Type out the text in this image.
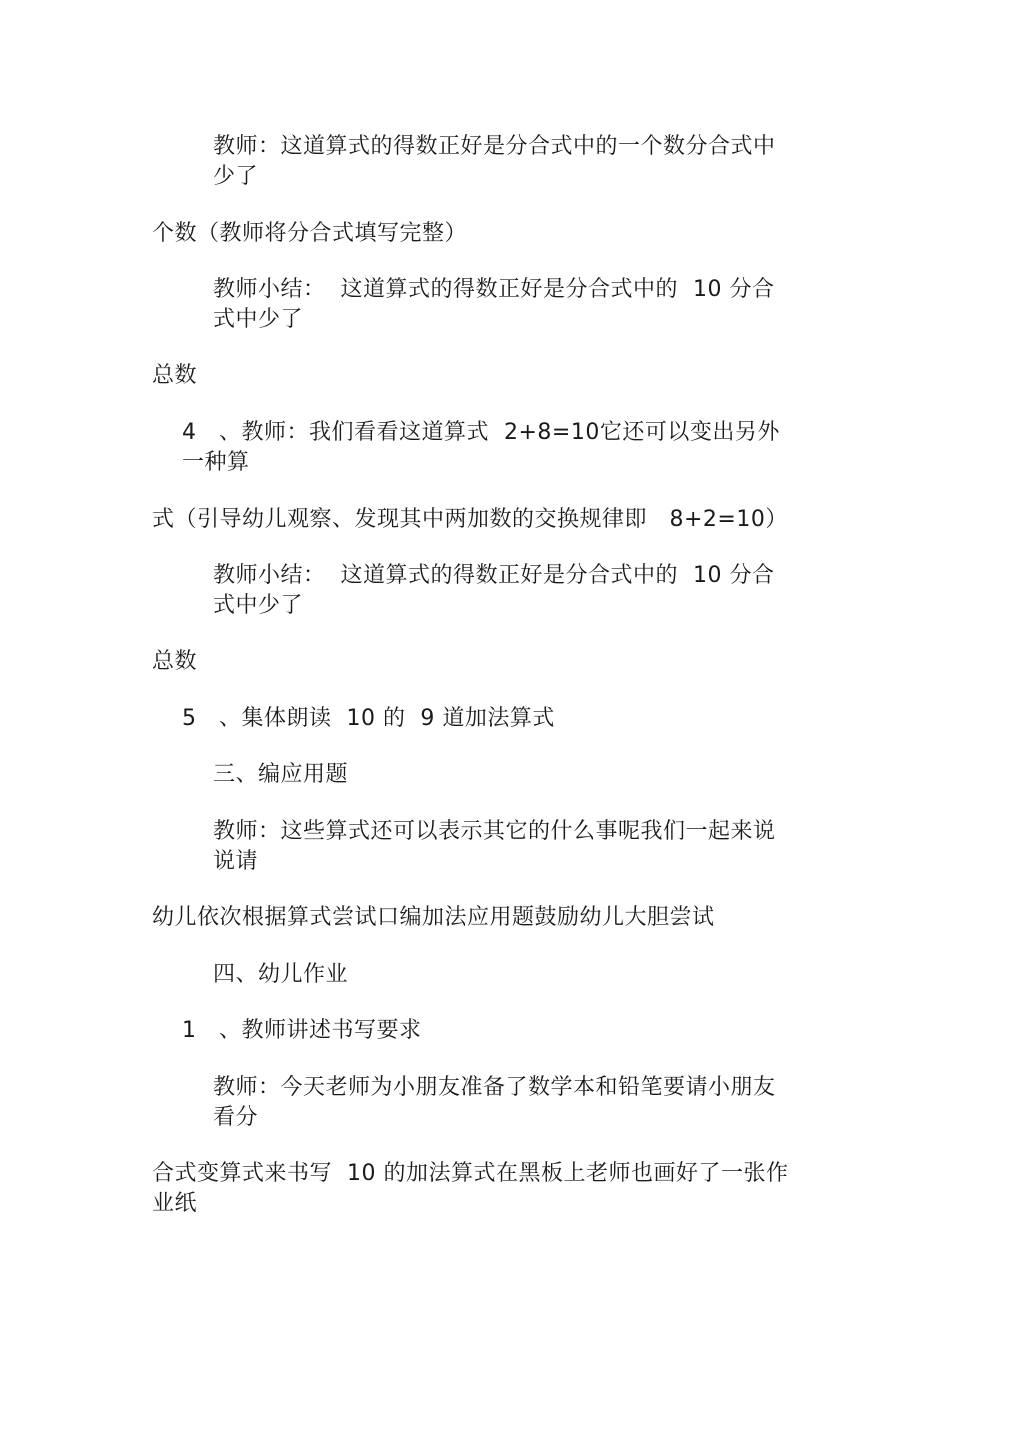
教师：这道算式的得数正好是分合式中的一个数分合式中少了
个数（教师将分合式填写完整）
教师小结：  这道算式的得数正好是分合式中的  10 分合式中少了
总数
4   、教师：我们看看这道算式  2+8=10它还可以变出另外一种算
式（引导幼儿观察、发现其中两加数的交换规律即   8+2=10）
教师小结：  这道算式的得数正好是分合式中的  10 分合式中少了
总数
5   、集体朗读  10 的  9 道加法算式
三、编应用题
教师：这些算式还可以表示其它的什么事呢我们一起来说说请
幼儿依次根据算式尝试口编加法应用题鼓励幼儿大胆尝试
四、幼儿作业
1   、教师讲述书写要求
教师：今天老师为小朋友准备了数学本和铅笔要请小朋友看分
合式变算式来书写  10 的加法算式在黑板上老师也画好了一张作业纸
